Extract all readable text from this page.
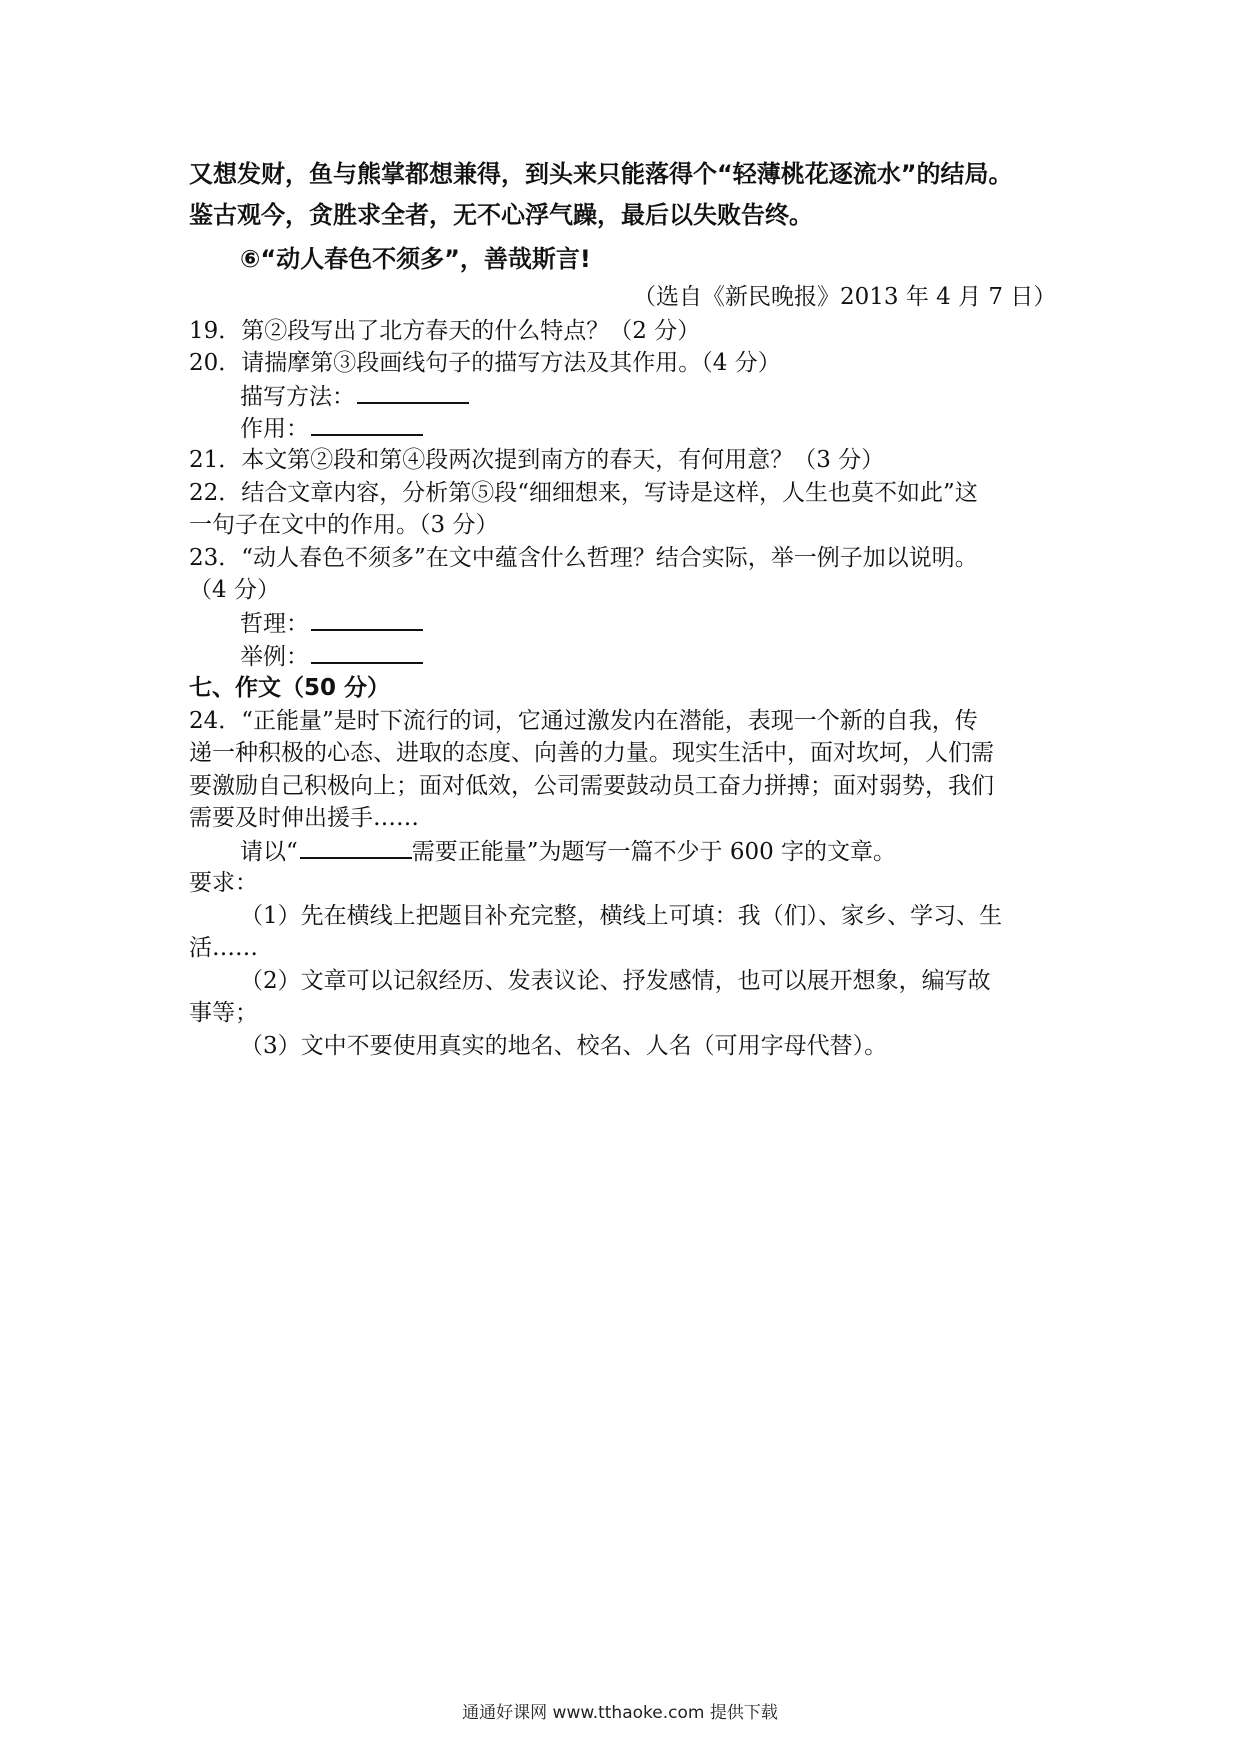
又想发财，鱼与熊掌都想兼得，到头来只能落得个“轻薄桃花逐流水”的结局。
鉴古观今，贪胜求全者，无不心浮气躁，最后以失败告终。
⑥“动人春色不须多”，善哉斯言!
（选自《新民晚报》2013 年 4 月 7 日）
19．第②段写出了北方春天的什么特点？（2 分）
20．请揣摩第③段画线句子的描写方法及其作用。（4 分）
描写方法：
作用：
21．本文第②段和第④段两次提到南方的春天，有何用意？（3 分）
22．结合文章内容，分析第⑤段“细细想来，写诗是这样，人生也莫不如此”这
一句子在文中的作用。（3 分）
23．“动人春色不须多”在文中蕴含什么哲理？结合实际，举一例子加以说明。
（4 分）
哲理：
举例：
七、作文（50 分）
24．“正能量”是时下流行的词，它通过激发内在潜能，表现一个新的自我，传
递一种积极的心态、进取的态度、向善的力量。现实生活中，面对坎坷，人们需
要激励自己积极向上；面对低效，公司需要鼓动员工奋力拼搏；面对弱势，我们
需要及时伸出援手……
请以“	需要正能量”为题写一篇不少于 600 字的文章。
要求：
（1）先在横线上把题目补充完整，横线上可填：我（们）、家乡、学习、生
活……
（2）文章可以记叙经历、发表议论、抒发感情，也可以展开想象，编写故
事等；
（3）文中不要使用真实的地名、校名、人名（可用字母代替）。
通通好课网 www.tthaoke.com 提供下载
